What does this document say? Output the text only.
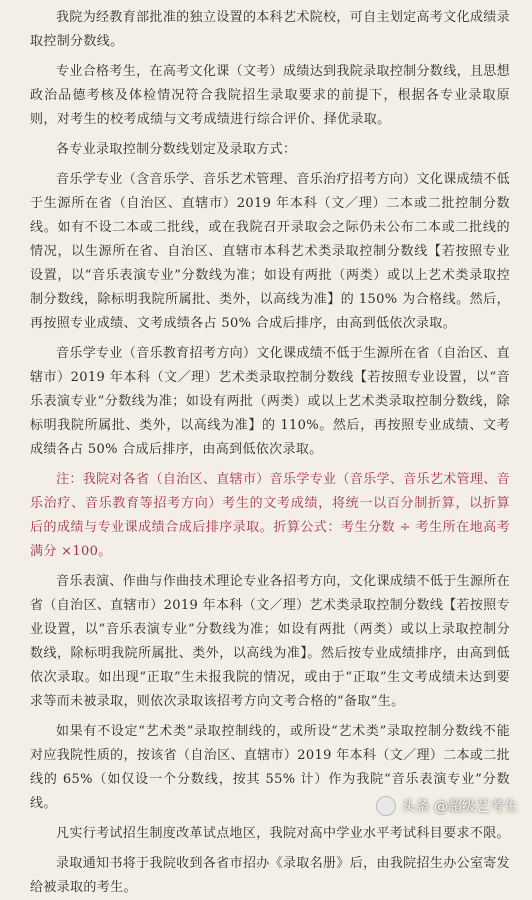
我院为经教育部批准的独立设置的本科艺术院校，可自主划定高考文化成绩录取控制分数线。

专业合格考生，在高考文化课（文考）成绩达到我院录取控制分数线，且思想政治品德考核及体检情况符合我院招生录取要求的前提下，根据各专业录取原则，对考生的校考成绩与文考成绩进行综合评价、择优录取。

各专业录取控制分数线划定及录取方式：

音乐学专业（含音乐学、音乐艺术管理、音乐治疗招考方向）文化课成绩不低于生源所在省（自治区、直辖市）2019 年本科（文／理）二本或二批控制分数线。如有不设二本或二批线，或在我院召开录取会之际仍未公布二本或二批线的情况，以生源所在省、自治区、直辖市本科艺术类录取控制分数线【若按照专业设置，以“音乐表演专业”分数线为准；如设有两批（两类）或以上艺术类录取控制分数线，除标明我院所属批、类外，以高线为准】的 150% 为合格线。然后，再按照专业成绩、文考成绩各占 50% 合成后排序，由高到低依次录取。

音乐学专业（音乐教育招考方向）文化课成绩不低于生源所在省（自治区、直辖市）2019 年本科（文／理）艺术类录取控制分数线【若按照专业设置，以“音乐表演专业”分数线为准；如设有两批（两类）或以上艺术类录取控制分数线，除标明我院所属批、类外，以高线为准】的 110%。然后，再按照专业成绩、文考成绩各占 50% 合成后排序，由高到低依次录取。

注：我院对各省（自治区、直辖市）音乐学专业（音乐学、音乐艺术管理、音乐治疗、音乐教育等招考方向）考生的文考成绩，将统一以百分制折算，以折算后的成绩与专业课成绩合成后排序录取。折算公式：考生分数 ÷ 考生所在地高考满分 ×100。

音乐表演、作曲与作曲技术理论专业各招考方向，文化课成绩不低于生源所在省（自治区、直辖市）2019 年本科（文／理）艺术类录取控制分数线【若按照专业设置，以“音乐表演专业”分数线为准；如设有两批（两类）或以上录取控制分数线，除标明我院所属批、类外，以高线为准】。然后按专业成绩排序，由高到低依次录取。如出现“正取”生未报我院的情况，或由于“正取”生文考成绩未达到要求等而未被录取，则依次录取该招考方向文考合格的“备取”生。

如果有不设定“艺术类”录取控制线的，或所设“艺术类”录取控制分数线不能对应我院性质的，按该省（自治区、直辖市）2019 年本科（文／理）二本或二批线的 65%（如仅设一个分数线，按其 55% 计）作为我院“音乐表演专业”分数线。

凡实行考试招生制度改革试点地区，我院对高中学业水平考试科目要求不限。

录取通知书将于我院收到各省市招办《录取名册》后，由我院招生办公室寄发给被录取的考生。

头条 @超级艺考生
